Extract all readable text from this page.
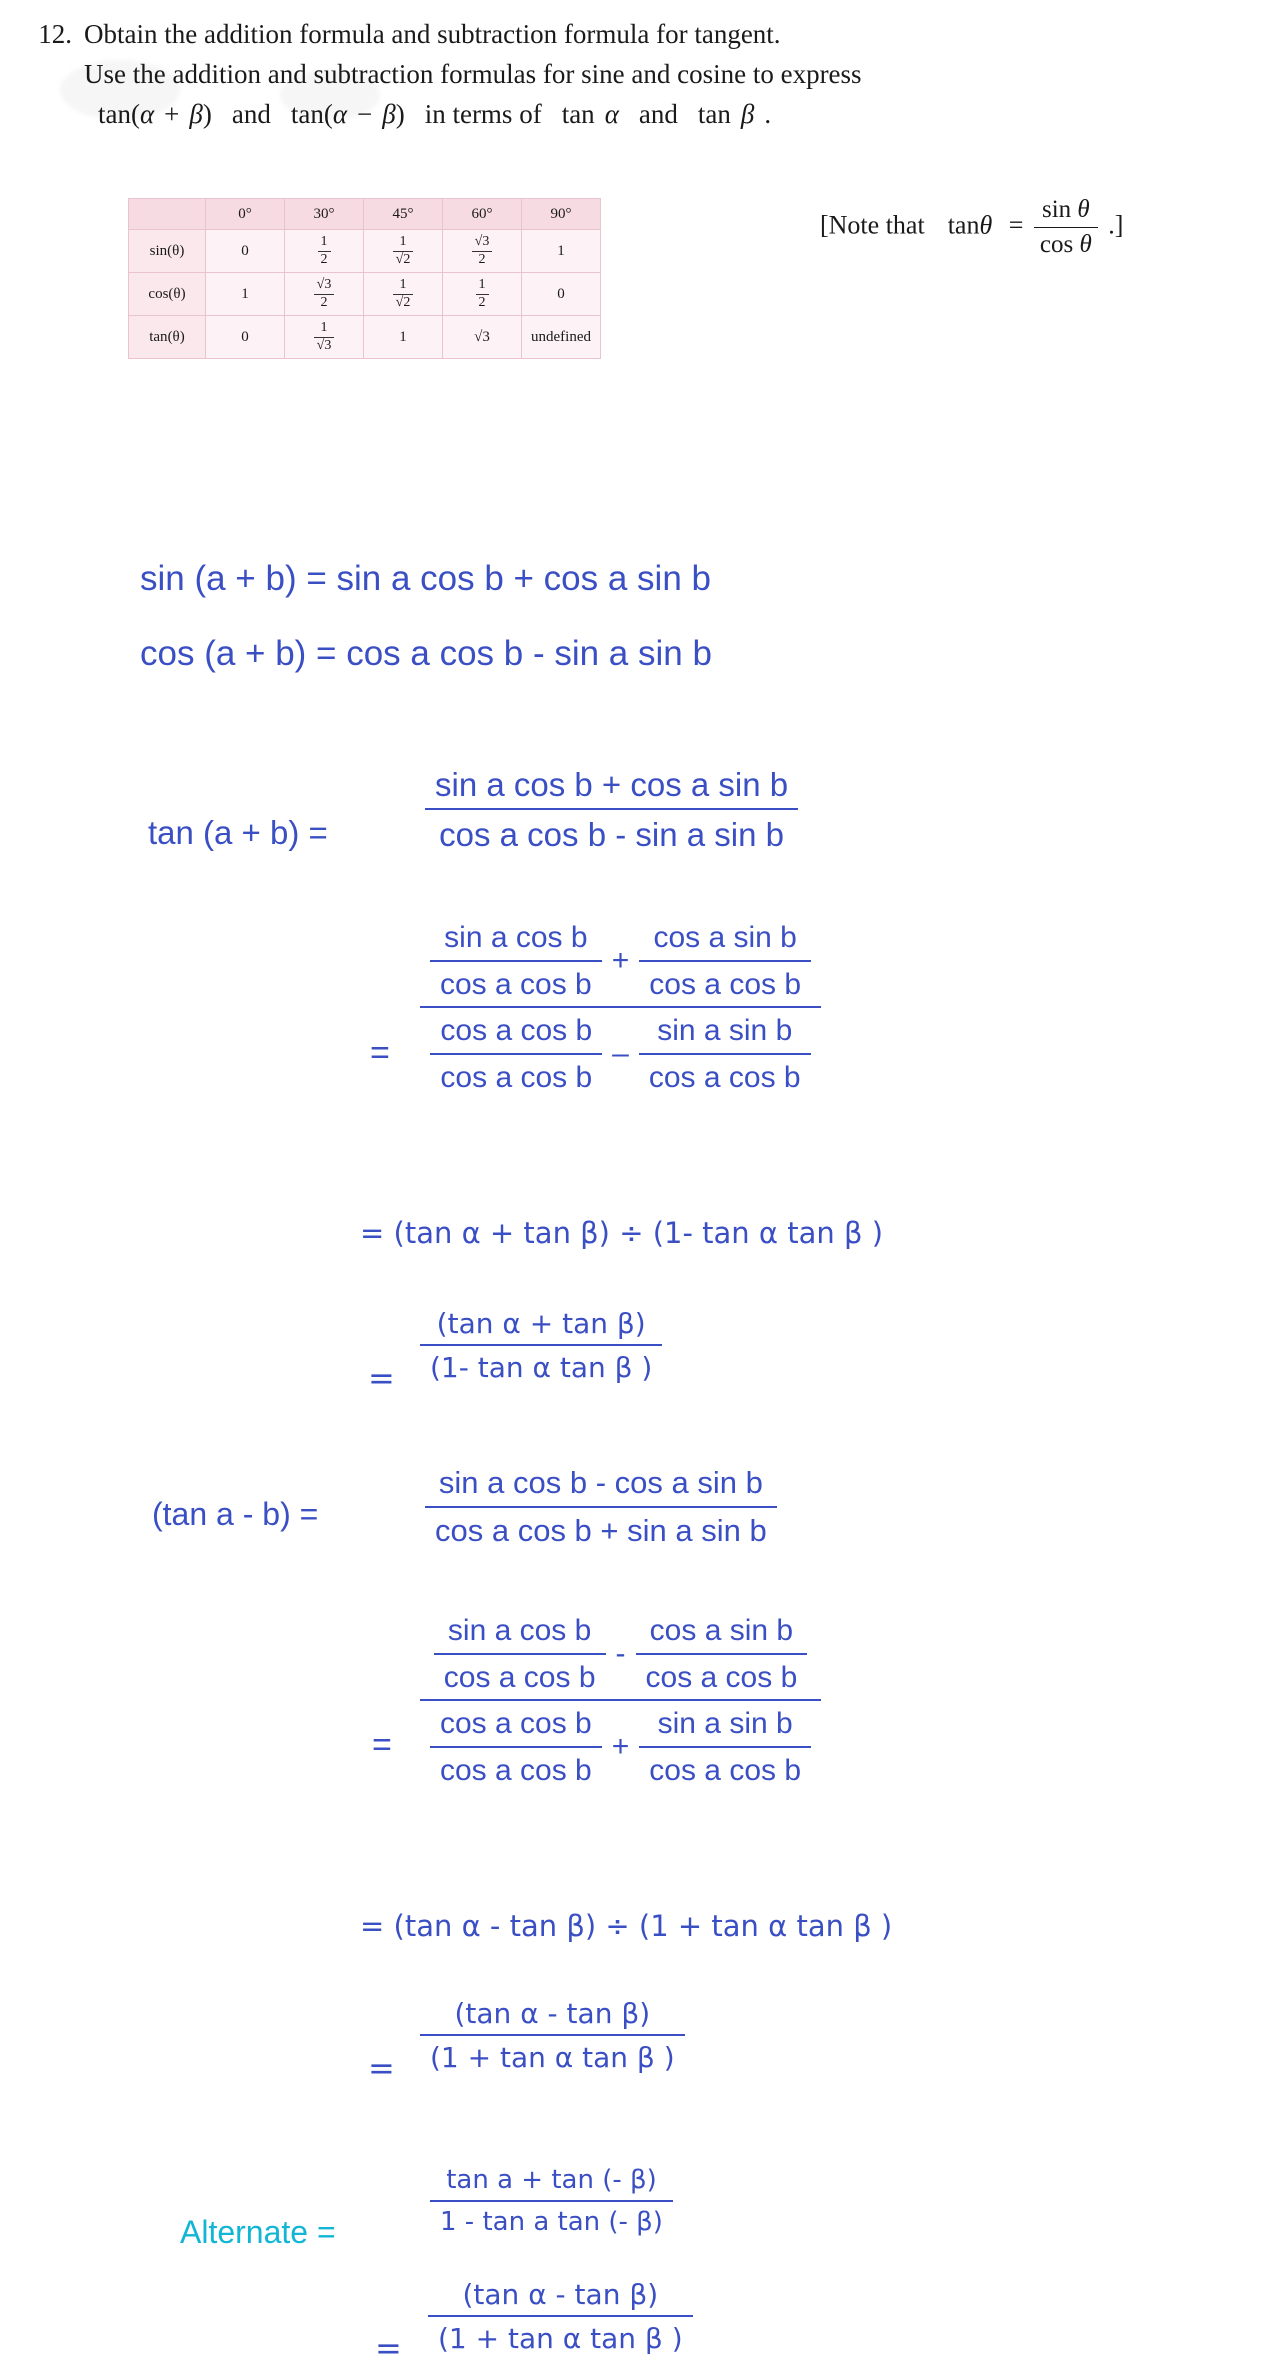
12. Obtain the addition formula and subtraction formula for tangent.
Use the addition and subtraction formulas for sine and cosine to express
tan(α + β) and tan(α − β) in terms of tan α and tan β .
	0°	30°	45°	60°	90°
sin(θ)	0	$\frac{1}{2}$	$\frac{1}{√2}$	$\frac{√3}{2}$	1
cos(θ)	1	$\frac{√3}{2}$	$\frac{1}{√2}$	$\frac{1}{2}$	0
tan(θ)	0	$\frac{1}{√3}$	1	√3	undefined
[Note that $\tan\theta = \frac{\text{sin θ}}{\text{cos θ}}$ .]
sin (a + b) = sin a cos b + cos a sin b
cos (a + b) = cos a cos b - sin a sin b
tan (a + b) =	$\frac{\text{sin a cos b + cos a sin b}}{\text{cos a cos b - sin a sin b}}$
= $\frac{\frac{\text{sin a cos b}}{\text{cos a cos b}} + \frac{\text{cos a sin b}}{\text{cos a cos b}}}{\frac{\text{cos a cos b}}{\text{cos a cos b}} - \frac{\text{sin a sin b}}{\text{cos a cos b}}}$
= (tan α + tan β) ÷ (1- tan α tan β )
= $\frac{\text{(tan α + tan β)}}{\text{(1- tan α tan β )}}$
(tan a - b) =	$\frac{\text{sin a cos b - cos a sin b}}{\text{cos a cos b + sin a sin b}}$
= $\frac{\frac{\text{sin a cos b}}{\text{cos a cos b}} - \frac{\text{cos a sin b}}{\text{cos a cos b}}}{\frac{\text{cos a cos b}}{\text{cos a cos b}} + \frac{\text{sin a sin b}}{\text{cos a cos b}}}$
= (tan α - tan β) ÷ (1 + tan α tan β )
= $\frac{\text{(tan α - tan β)}}{\text{(1 + tan α tan β )}}$
Alternate =	$\frac{\text{tan a + tan (- β)}}{\text{1 - tan a tan (- β)}}$
= $\frac{\text{(tan α - tan β)}}{\text{(1 + tan α tan β )}}$
